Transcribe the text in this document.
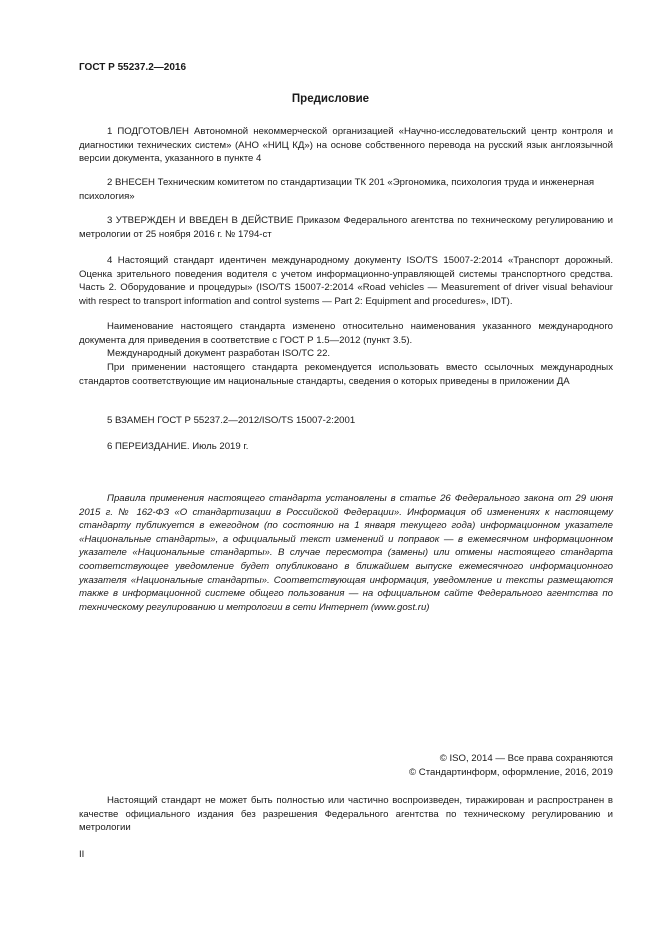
ГОСТ Р 55237.2—2016
Предисловие

1 ПОДГОТОВЛЕН Автономной некоммерческой организацией «Научно-исследовательский центр контроля и диагностики технических систем» (АНО «НИЦ КД») на основе собственного перевода на русский язык англоязычной версии документа, указанного в пункте 4

2 ВНЕСЕН Техническим комитетом по стандартизации ТК 201 «Эргономика, психология труда и инженерная психология»

3 УТВЕРЖДЕН И ВВЕДЕН В ДЕЙСТВИЕ Приказом Федерального агентства по техническому регулированию и метрологии от 25 ноября 2016 г. № 1794-ст

4 Настоящий стандарт идентичен международному документу ISO/TS 15007-2:2014 «Транспорт дорожный. Оценка зрительного поведения водителя с учетом информационно-управляющей системы транспортного средства. Часть 2. Оборудование и процедуры» (ISO/TS 15007-2:2014 «Road vehicles — Measurement of driver visual behaviour with respect to transport information and control systems — Part 2: Equipment and procedures», IDT).

Наименование настоящего стандарта изменено относительно наименования указанного международного документа для приведения в соответствие с ГОСТ Р 1.5—2012 (пункт 3.5).

Международный документ разработан ISO/TC 22.

При применении настоящего стандарта рекомендуется использовать вместо ссылочных международных стандартов соответствующие им национальные стандарты, сведения о которых приведены в приложении ДА

5 ВЗАМЕН ГОСТ Р 55237.2—2012/ISO/TS 15007-2:2001

6 ПЕРЕИЗДАНИЕ. Июль 2019 г.

Правила применения настоящего стандарта установлены в статье 26 Федерального закона от 29 июня 2015 г. № 162-ФЗ «О стандартизации в Российской Федерации». Информация об изменениях к настоящему стандарту публикуется в ежегодном (по состоянию на 1 января текущего года) информационном указателе «Национальные стандарты», а официальный текст изменений и поправок — в ежемесячном информационном указателе «Национальные стандарты». В случае пересмотра (замены) или отмены настоящего стандарта соответствующее уведомление будет опубликовано в ближайшем выпуске ежемесячного информационного указателя «Национальные стандарты». Соответствующая информация, уведомление и тексты размещаются также в информационной системе общего пользования — на официальном сайте Федерального агентства по техническому регулированию и метрологии в сети Интернет (www.gost.ru)

© ISO, 2014 — Все права сохраняются
© Стандартинформ, оформление, 2016, 2019

Настоящий стандарт не может быть полностью или частично воспроизведен, тиражирован и распространен в качестве официального издания без разрешения Федерального агентства по техническому регулированию и метрологии

II
